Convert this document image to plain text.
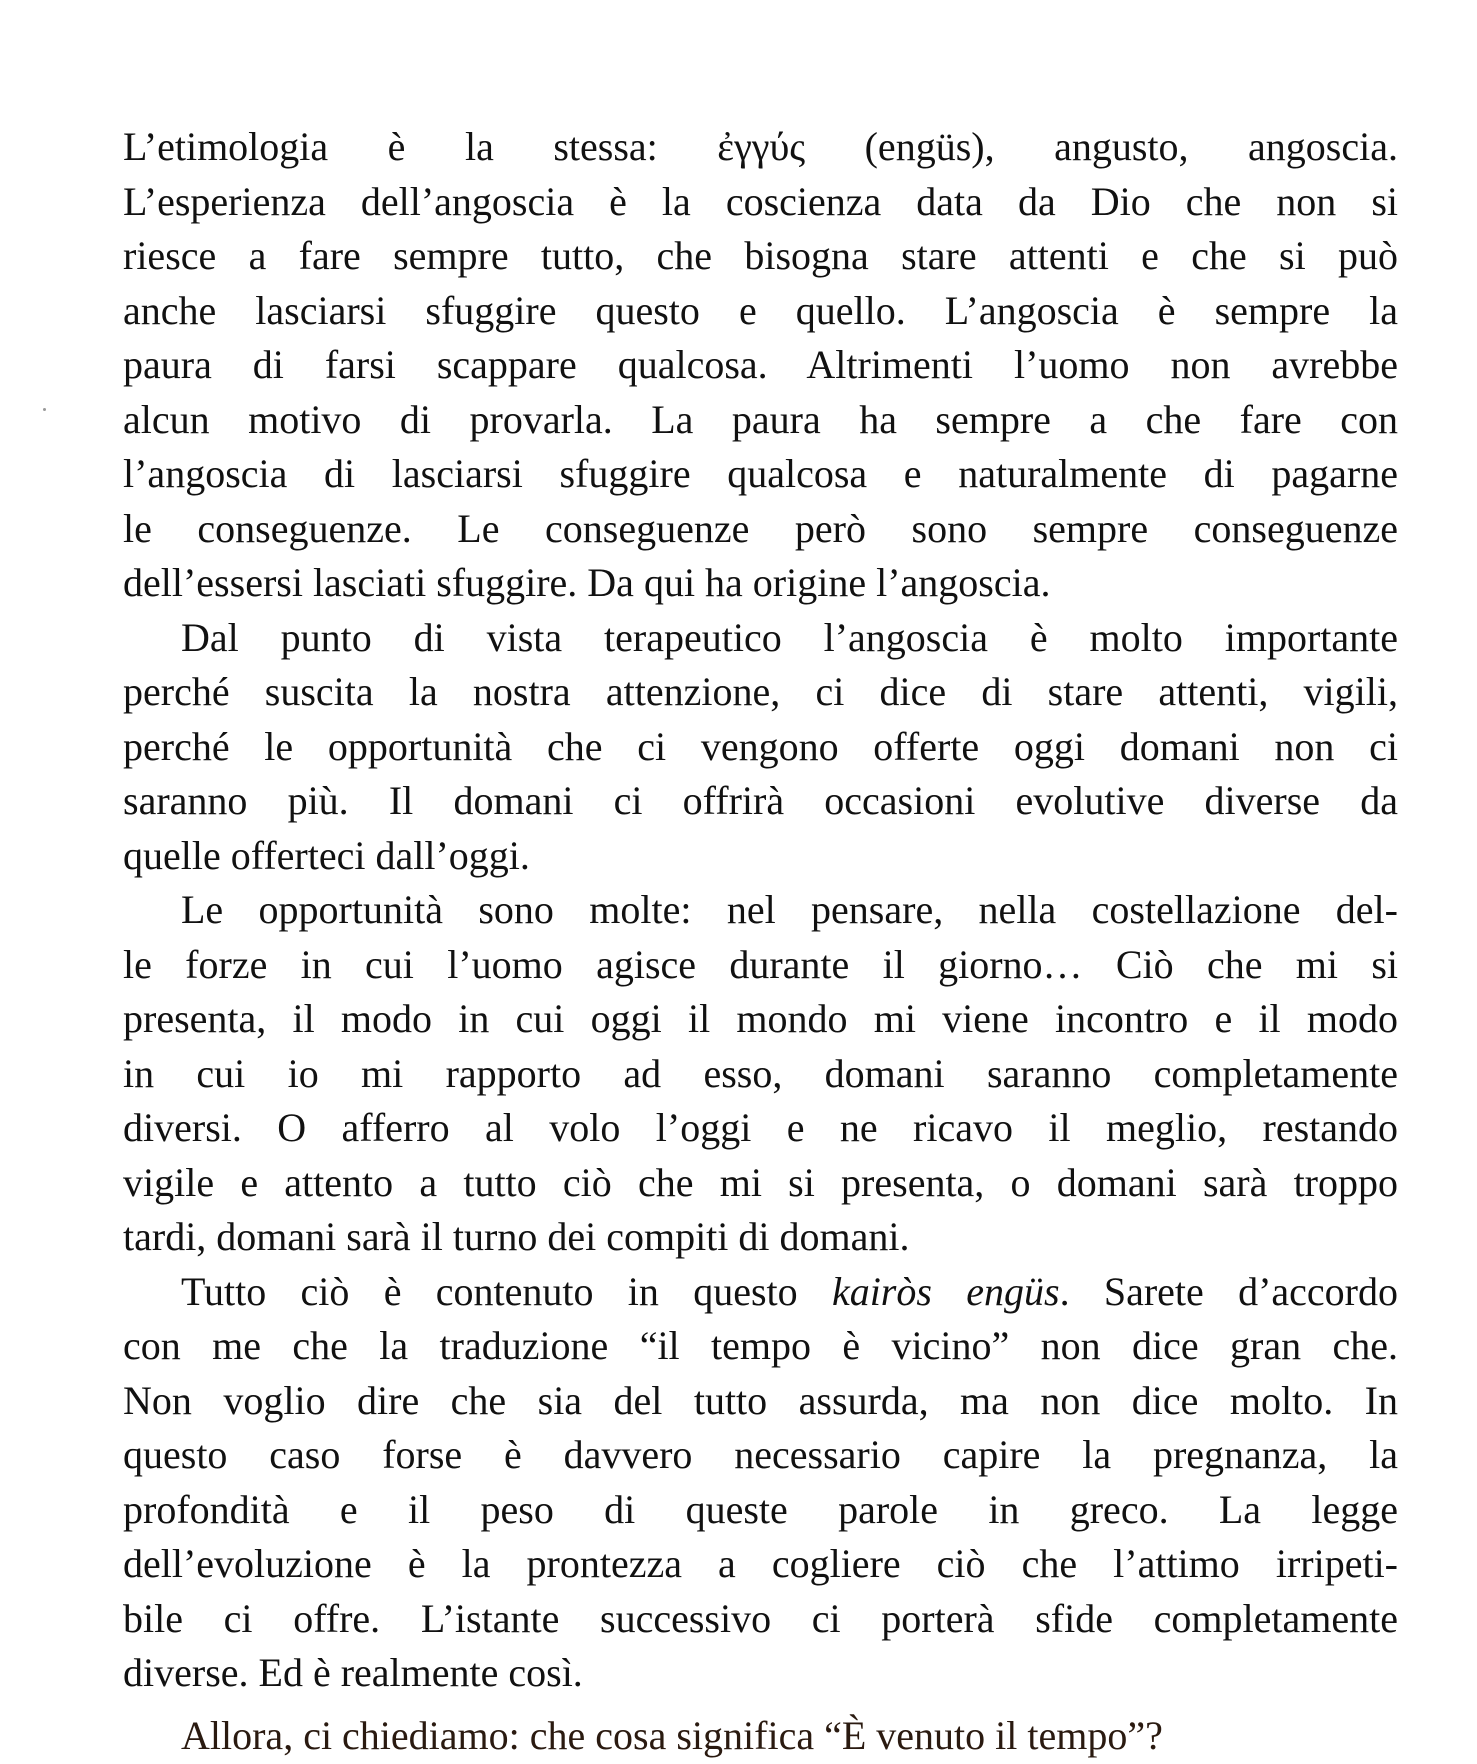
L’etimologia è la stessa: ἐγγύς (engüs), angusto, angoscia.
L’esperienza dell’angoscia è la coscienza data da Dio che non si
riesce a fare sempre tutto, che bisogna stare attenti e che si può
anche lasciarsi sfuggire questo e quello. L’angoscia è sempre la
paura di farsi scappare qualcosa. Altrimenti l’uomo non avrebbe
alcun motivo di provarla. La paura ha sempre a che fare con
l’angoscia di lasciarsi sfuggire qualcosa e naturalmente di pagarne
le conseguenze. Le conseguenze però sono sempre conseguenze
dell’essersi lasciati sfuggire. Da qui ha origine l’angoscia.
Dal punto di vista terapeutico l’angoscia è molto importante
perché suscita la nostra attenzione, ci dice di stare attenti, vigili,
perché le opportunità che ci vengono offerte oggi domani non ci
saranno più. Il domani ci offrirà occasioni evolutive diverse da
quelle offerteci dall’oggi.
Le opportunità sono molte: nel pensare, nella costellazione del-
le forze in cui l’uomo agisce durante il giorno… Ciò che mi si
presenta, il modo in cui oggi il mondo mi viene incontro e il modo
in cui io mi rapporto ad esso, domani saranno completamente
diversi. O afferro al volo l’oggi e ne ricavo il meglio, restando
vigile e attento a tutto ciò che mi si presenta, o domani sarà troppo
tardi, domani sarà il turno dei compiti di domani.
Tutto ciò è contenuto in questo kairòs engüs. Sarete d’accordo
con me che la traduzione “il tempo è vicino” non dice gran che.
Non voglio dire che sia del tutto assurda, ma non dice molto. In
questo caso forse è davvero necessario capire la pregnanza, la
profondità e il peso di queste parole in greco. La legge
dell’evoluzione è la prontezza a cogliere ciò che l’attimo irripeti-
bile ci offre. L’istante successivo ci porterà sfide completamente
diverse. Ed è realmente così.
Allora, ci chiediamo: che cosa significa “È venuto il tempo”?
